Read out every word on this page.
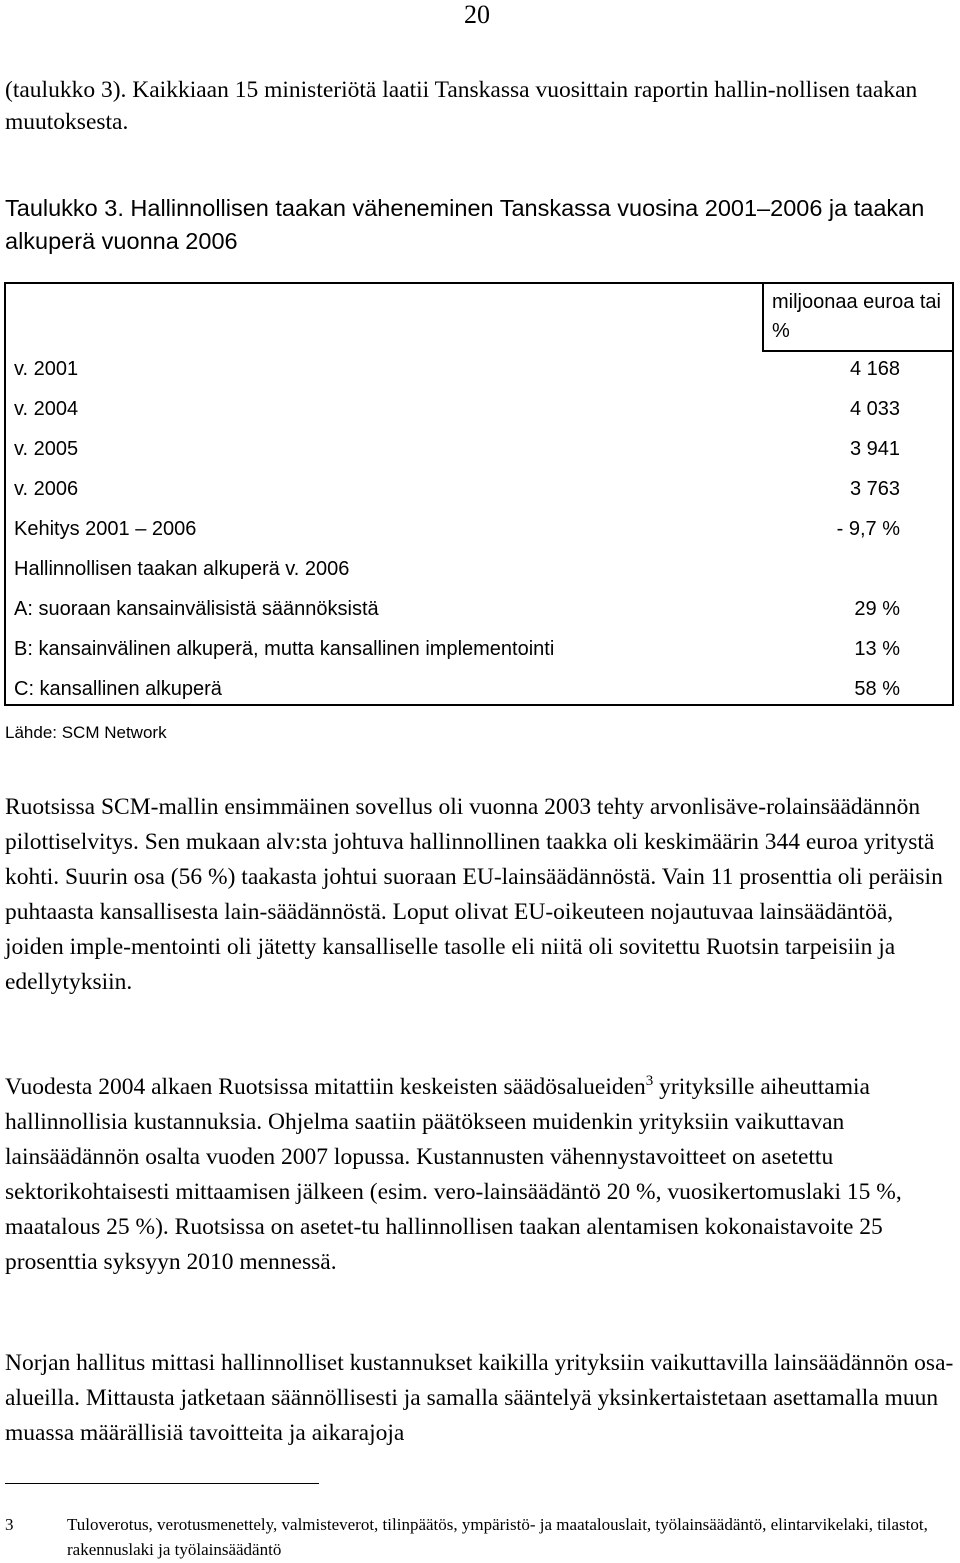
20
(taulukko 3). Kaikkiaan 15 ministeriötä laatii Tanskassa vuosittain raportin hallin-nollisen taakan muutoksesta.
Taulukko 3. Hallinnollisen taakan väheneminen Tanskassa vuosina 2001–2006 ja taakan alkuperä vuonna 2006
miljoonaa euroa tai %
v. 2001	4 168
v. 2004	4 033
v. 2005	3 941
v. 2006	3 763
Kehitys 2001 – 2006	- 9,7 %
Hallinnollisen taakan alkuperä v. 2006
A: suoraan kansainvälisistä säännöksistä	29 %
B: kansainvälinen alkuperä, mutta kansallinen implementointi	13 %
C: kansallinen alkuperä	58 %
Lähde: SCM Network
Ruotsissa SCM-mallin ensimmäinen sovellus oli vuonna 2003 tehty arvonlisäve-rolainsäädännön pilottiselvitys. Sen mukaan alv:sta johtuva hallinnollinen taakka oli keskimäärin 344 euroa yritystä kohti. Suurin osa (56 %) taakasta johtui suoraan EU-lainsäädännöstä. Vain 11 prosenttia oli peräisin puhtaasta kansallisesta lain-säädännöstä. Loput olivat EU-oikeuteen nojautuvaa lainsäädäntöä, joiden imple-mentointi oli jätetty kansalliselle tasolle eli niitä oli sovitettu Ruotsin tarpeisiin ja edellytyksiin.
Vuodesta 2004 alkaen Ruotsissa mitattiin keskeisten säädösalueiden$^3$ yrityksille aiheuttamia hallinnollisia kustannuksia. Ohjelma saatiin päätökseen muidenkin yrityksiin vaikuttavan lainsäädännön osalta vuoden 2007 lopussa. Kustannusten vähennystavoitteet on asetettu sektorikohtaisesti mittaamisen jälkeen (esim. vero-lainsäädäntö 20 %, vuosikertomuslaki 15 %, maatalous 25 %). Ruotsissa on asetet-tu hallinnollisen taakan alentamisen kokonaistavoite 25 prosenttia syksyyn 2010 mennessä.
Norjan hallitus mittasi hallinnolliset kustannukset kaikilla yrityksiin vaikuttavilla lainsäädännön osa-alueilla. Mittausta jatketaan säännöllisesti ja samalla sääntelyä yksinkertaistetaan asettamalla muun muassa määrällisiä tavoitteita ja aikarajoja
3	Tuloverotus, verotusmenettely, valmisteverot, tilinpäätös, ympäristö- ja maatalouslait, työlainsäädäntö, elintarvikelaki, tilastot, rakennuslaki ja työlainsäädäntö
